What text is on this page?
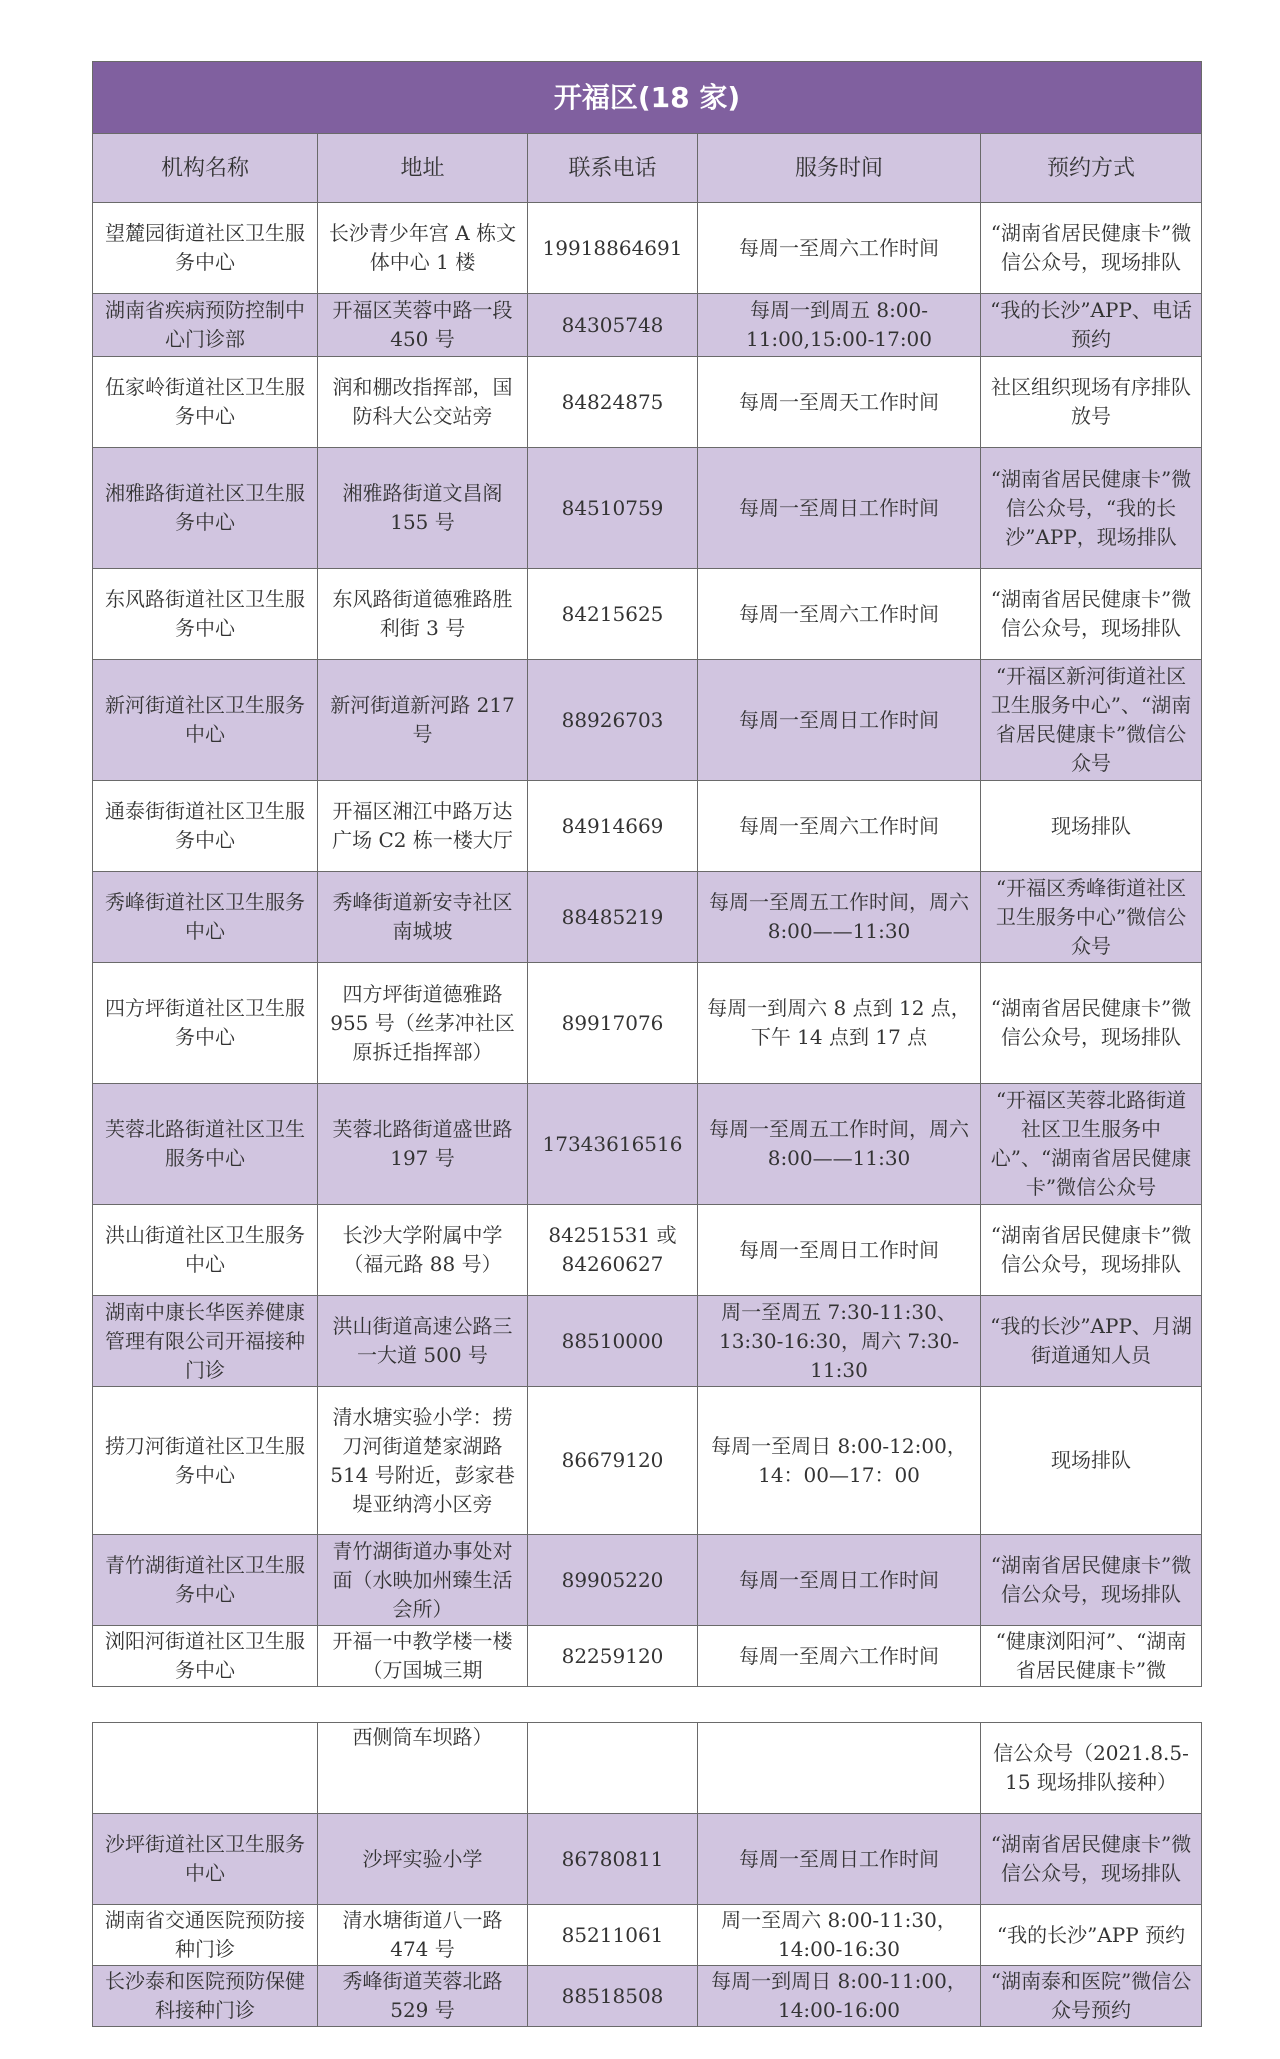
开福区(18 家)				
机构名称	地址	联系电话	服务时间	预约方式
望麓园街道社区卫生服务中心	长沙青少年宫 A 栋文体中心 1 楼	19918864691	每周一至周六工作时间	“湖南省居民健康卡”微信公众号，现场排队
湖南省疾病预防控制中心门诊部	开福区芙蓉中路一段 450 号	84305748	每周一到周五 8:00-11:00,15:00-17:00	“我的长沙”APP、电话预约
伍家岭街道社区卫生服务中心	润和棚改指挥部，国防科大公交站旁	84824875	每周一至周天工作时间	社区组织现场有序排队放号
湘雅路街道社区卫生服务中心	湘雅路街道文昌阁 155 号	84510759	每周一至周日工作时间	“湖南省居民健康卡”微信公众号，“我的长沙”APP，现场排队
东风路街道社区卫生服务中心	东风路街道德雅路胜利街 3 号	84215625	每周一至周六工作时间	“湖南省居民健康卡”微信公众号，现场排队
新河街道社区卫生服务中心	新河街道新河路 217 号	88926703	每周一至周日工作时间	“开福区新河街道社区卫生服务中心”、“湖南省居民健康卡”微信公众号
通泰街街道社区卫生服务中心	开福区湘江中路万达广场 C2 栋一楼大厅	84914669	每周一至周六工作时间	现场排队
秀峰街道社区卫生服务中心	秀峰街道新安寺社区南城坡	88485219	每周一至周五工作时间，周六 8:00——11:30	“开福区秀峰街道社区卫生服务中心”微信公众号
四方坪街道社区卫生服务中心	四方坪街道德雅路 955 号（丝茅冲社区原拆迁指挥部）	89917076	每周一到周六 8 点到 12 点，下午 14 点到 17 点	“湖南省居民健康卡”微信公众号，现场排队
芙蓉北路街道社区卫生服务中心	芙蓉北路街道盛世路 197 号	17343616516	每周一至周五工作时间，周六 8:00——11:30	“开福区芙蓉北路街道社区卫生服务中心”、“湖南省居民健康卡”微信公众号
洪山街道社区卫生服务中心	长沙大学附属中学（福元路 88 号）	84251531 或 84260627	每周一至周日工作时间	“湖南省居民健康卡”微信公众号，现场排队
湖南中康长华医养健康管理有限公司开福接种门诊	洪山街道高速公路三一大道 500 号	88510000	周一至周五 7:30-11:30、13:30-16:30，周六 7:30-11:30	“我的长沙”APP、月湖街道通知人员
捞刀河街道社区卫生服务中心	清水塘实验小学：捞刀河街道楚家湖路 514 号附近，彭家巷堤亚纳湾小区旁	86679120	每周一至周日 8:00-12:00，14：00—17：00	现场排队
青竹湖街道社区卫生服务中心	青竹湖街道办事处对面（水映加州臻生活会所）	89905220	每周一至周日工作时间	“湖南省居民健康卡”微信公众号，现场排队
浏阳河街道社区卫生服务中心	开福一中教学楼一楼（万国城三期	82259120	每周一至周六工作时间	“健康浏阳河”、“湖南省居民健康卡”微
	西侧筒车坝路）			信公众号（2021.8.5-15 现场排队接种）
沙坪街道社区卫生服务中心	沙坪实验小学	86780811	每周一至周日工作时间	“湖南省居民健康卡”微信公众号，现场排队
湖南省交通医院预防接种门诊	清水塘街道八一路 474 号	85211061	周一至周六 8:00-11:30，14:00-16:30	“我的长沙”APP 预约
长沙泰和医院预防保健科接种门诊	秀峰街道芙蓉北路 529 号	88518508	每周一到周日 8:00-11:00，14:00-16:00	“湖南泰和医院”微信公众号预约
